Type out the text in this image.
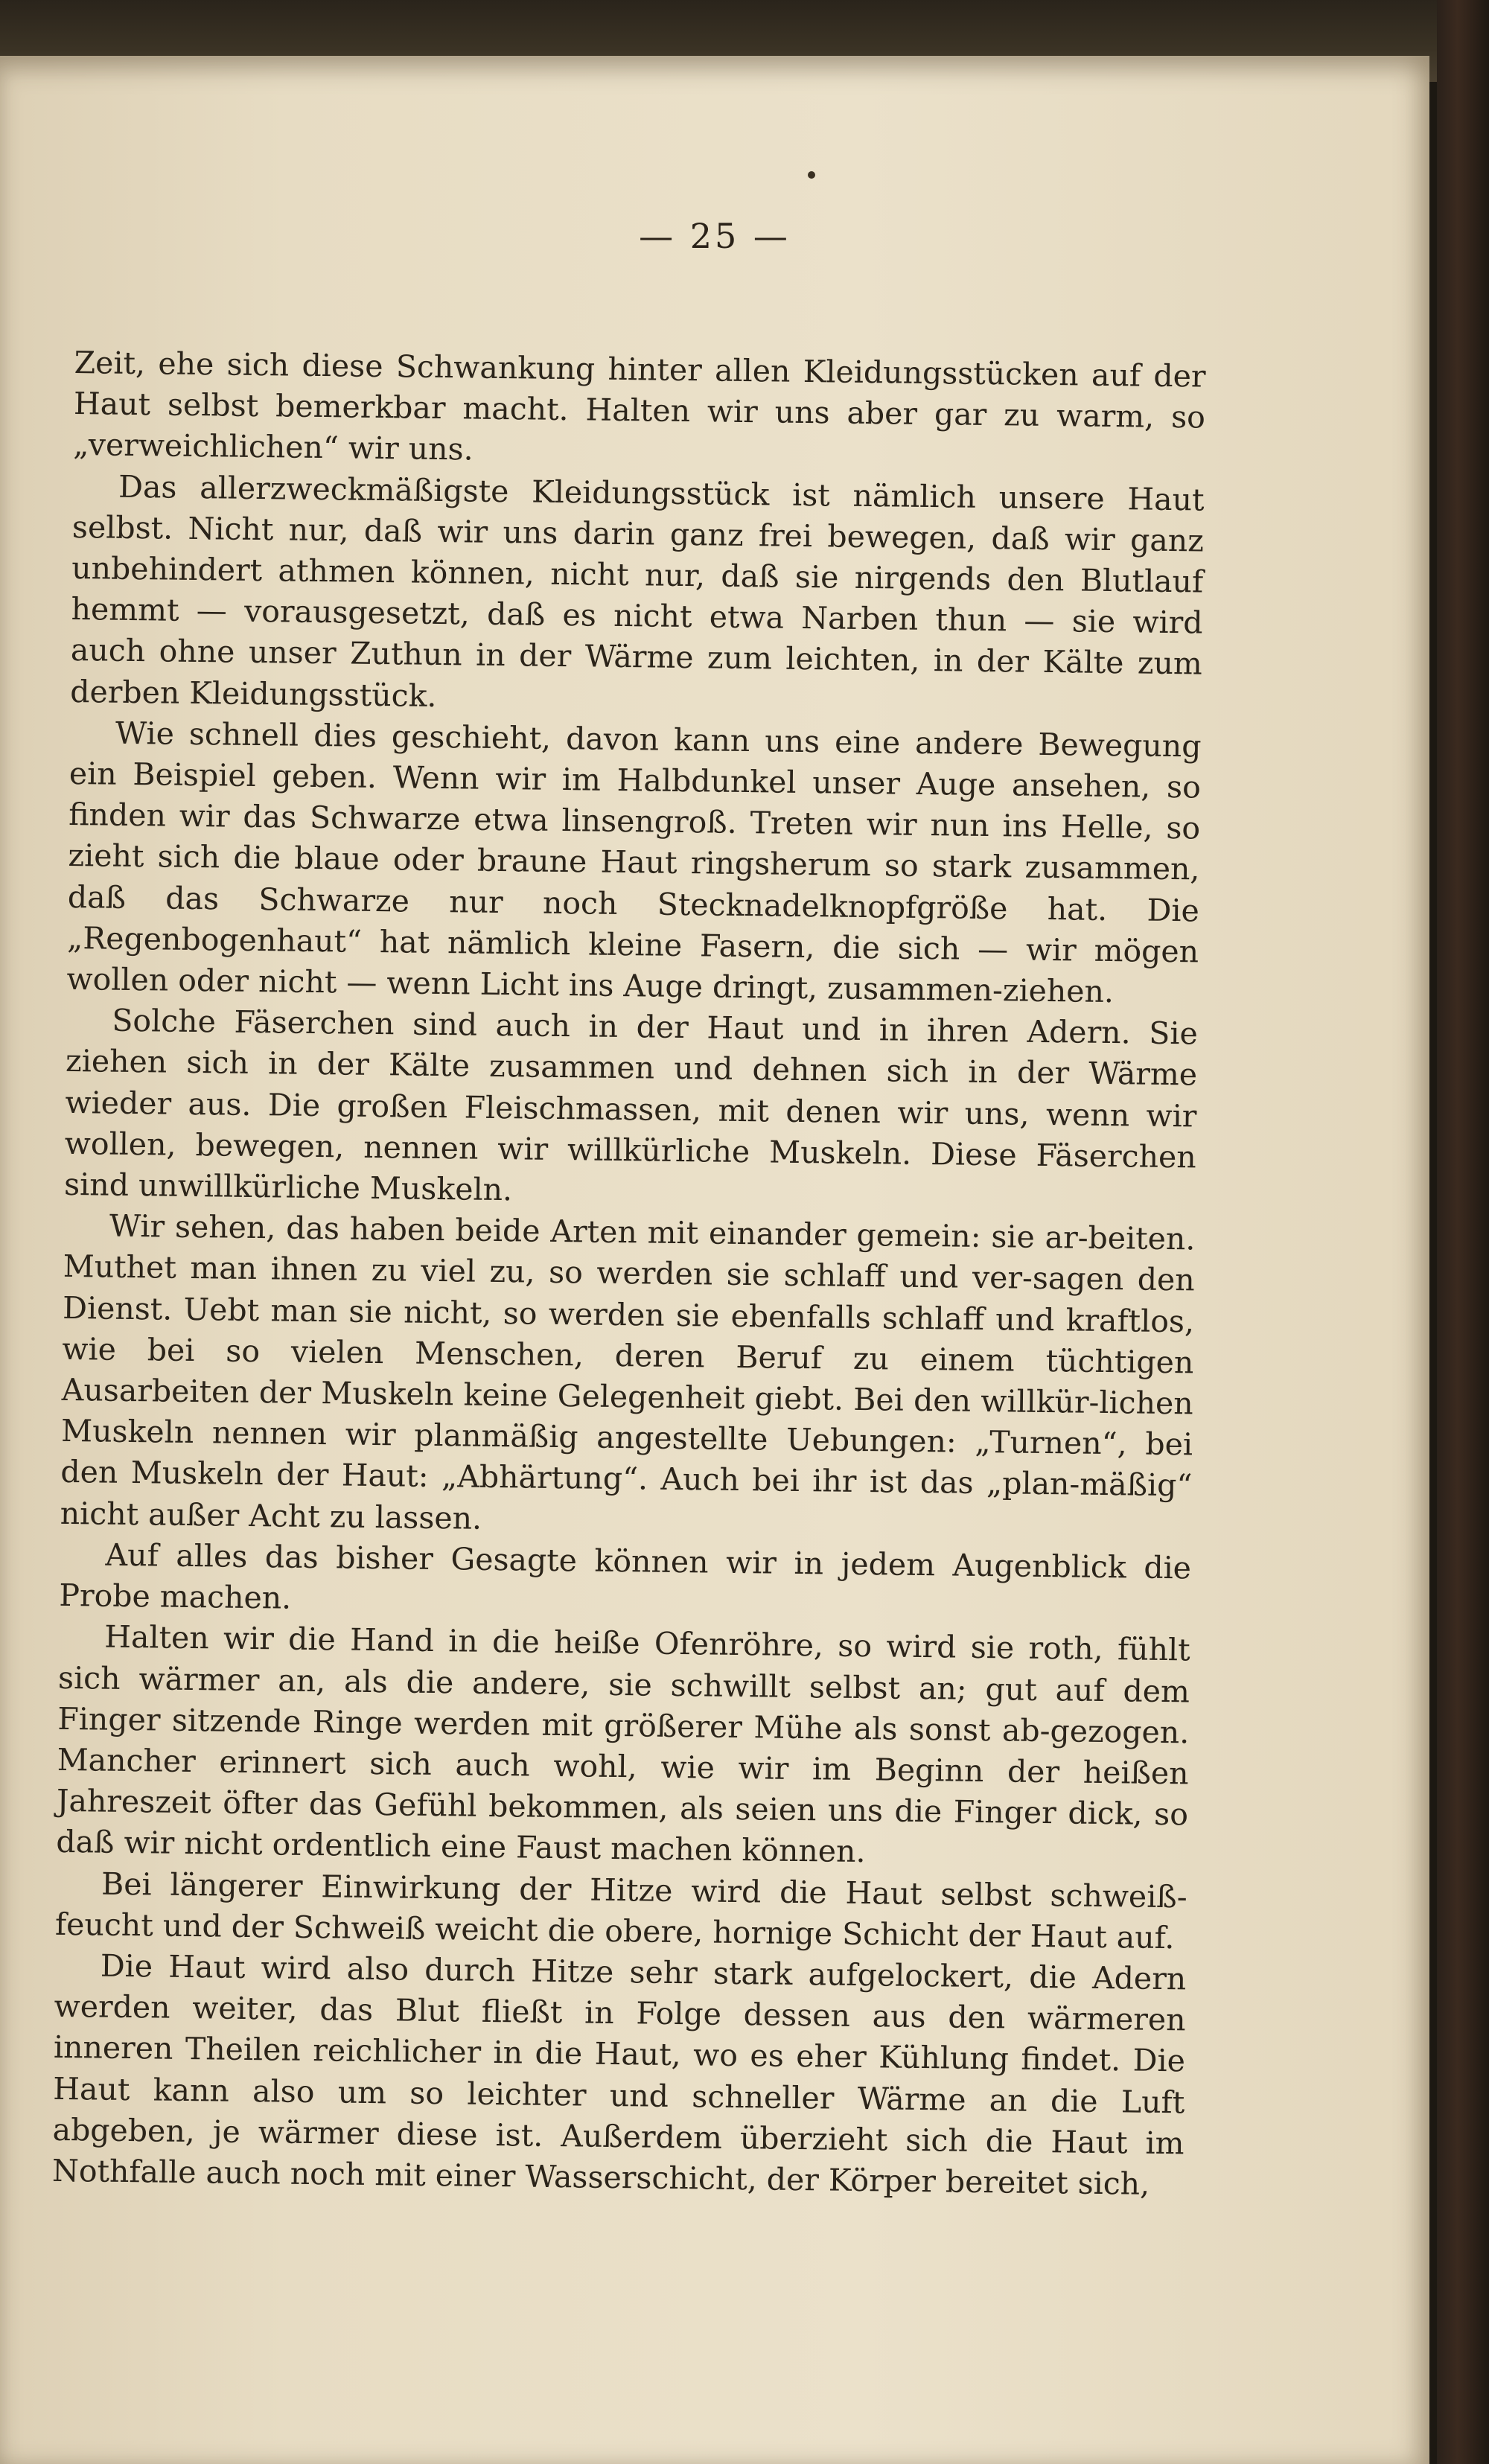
— 25 —

Zeit, ehe sich diese Schwankung hinter allen Kleidungsstücken auf der Haut selbst bemerkbar macht. Halten wir uns aber gar zu warm, so „verweichlichen“ wir uns.

Das allerzweckmäßigste Kleidungsstück ist nämlich unsere Haut selbst. Nicht nur, daß wir uns darin ganz frei bewegen, daß wir ganz unbehindert athmen können, nicht nur, daß sie nirgends den Blutlauf hemmt — vorausgesetzt, daß es nicht etwa Narben thun — sie wird auch ohne unser Zuthun in der Wärme zum leichten, in der Kälte zum derben Kleidungsstück.

Wie schnell dies geschieht, davon kann uns eine andere Bewegung ein Beispiel geben. Wenn wir im Halbdunkel unser Auge ansehen, so finden wir das Schwarze etwa linsengroß. Treten wir nun ins Helle, so zieht sich die blaue oder braune Haut ringsherum so stark zusammen, daß das Schwarze nur noch Stecknadelknopfgröße hat. Die „Regenbogenhaut“ hat nämlich kleine Fasern, die sich — wir mögen wollen oder nicht — wenn Licht ins Auge dringt, zusammen-ziehen.

Solche Fäserchen sind auch in der Haut und in ihren Adern. Sie ziehen sich in der Kälte zusammen und dehnen sich in der Wärme wieder aus. Die großen Fleischmassen, mit denen wir uns, wenn wir wollen, bewegen, nennen wir willkürliche Muskeln. Diese Fäserchen sind unwillkürliche Muskeln.

Wir sehen, das haben beide Arten mit einander gemein: sie ar-beiten. Muthet man ihnen zu viel zu, so werden sie schlaff und ver-sagen den Dienst. Uebt man sie nicht, so werden sie ebenfalls schlaff und kraftlos, wie bei so vielen Menschen, deren Beruf zu einem tüchtigen Ausarbeiten der Muskeln keine Gelegenheit giebt. Bei den willkür-lichen Muskeln nennen wir planmäßig angestellte Uebungen: „Turnen“, bei den Muskeln der Haut: „Abhärtung“. Auch bei ihr ist das „plan-mäßig“ nicht außer Acht zu lassen.

Auf alles das bisher Gesagte können wir in jedem Augenblick die Probe machen.

Halten wir die Hand in die heiße Ofenröhre, so wird sie roth, fühlt sich wärmer an, als die andere, sie schwillt selbst an; gut auf dem Finger sitzende Ringe werden mit größerer Mühe als sonst ab-gezogen. Mancher erinnert sich auch wohl, wie wir im Beginn der heißen Jahreszeit öfter das Gefühl bekommen, als seien uns die Finger dick, so daß wir nicht ordentlich eine Faust machen können.

Bei längerer Einwirkung der Hitze wird die Haut selbst schweiß-feucht und der Schweiß weicht die obere, hornige Schicht der Haut auf.

Die Haut wird also durch Hitze sehr stark aufgelockert, die Adern werden weiter, das Blut fließt in Folge dessen aus den wärmeren inneren Theilen reichlicher in die Haut, wo es eher Kühlung findet. Die Haut kann also um so leichter und schneller Wärme an die Luft abgeben, je wärmer diese ist. Außerdem überzieht sich die Haut im Nothfalle auch noch mit einer Wasserschicht, der Körper bereitet sich,
